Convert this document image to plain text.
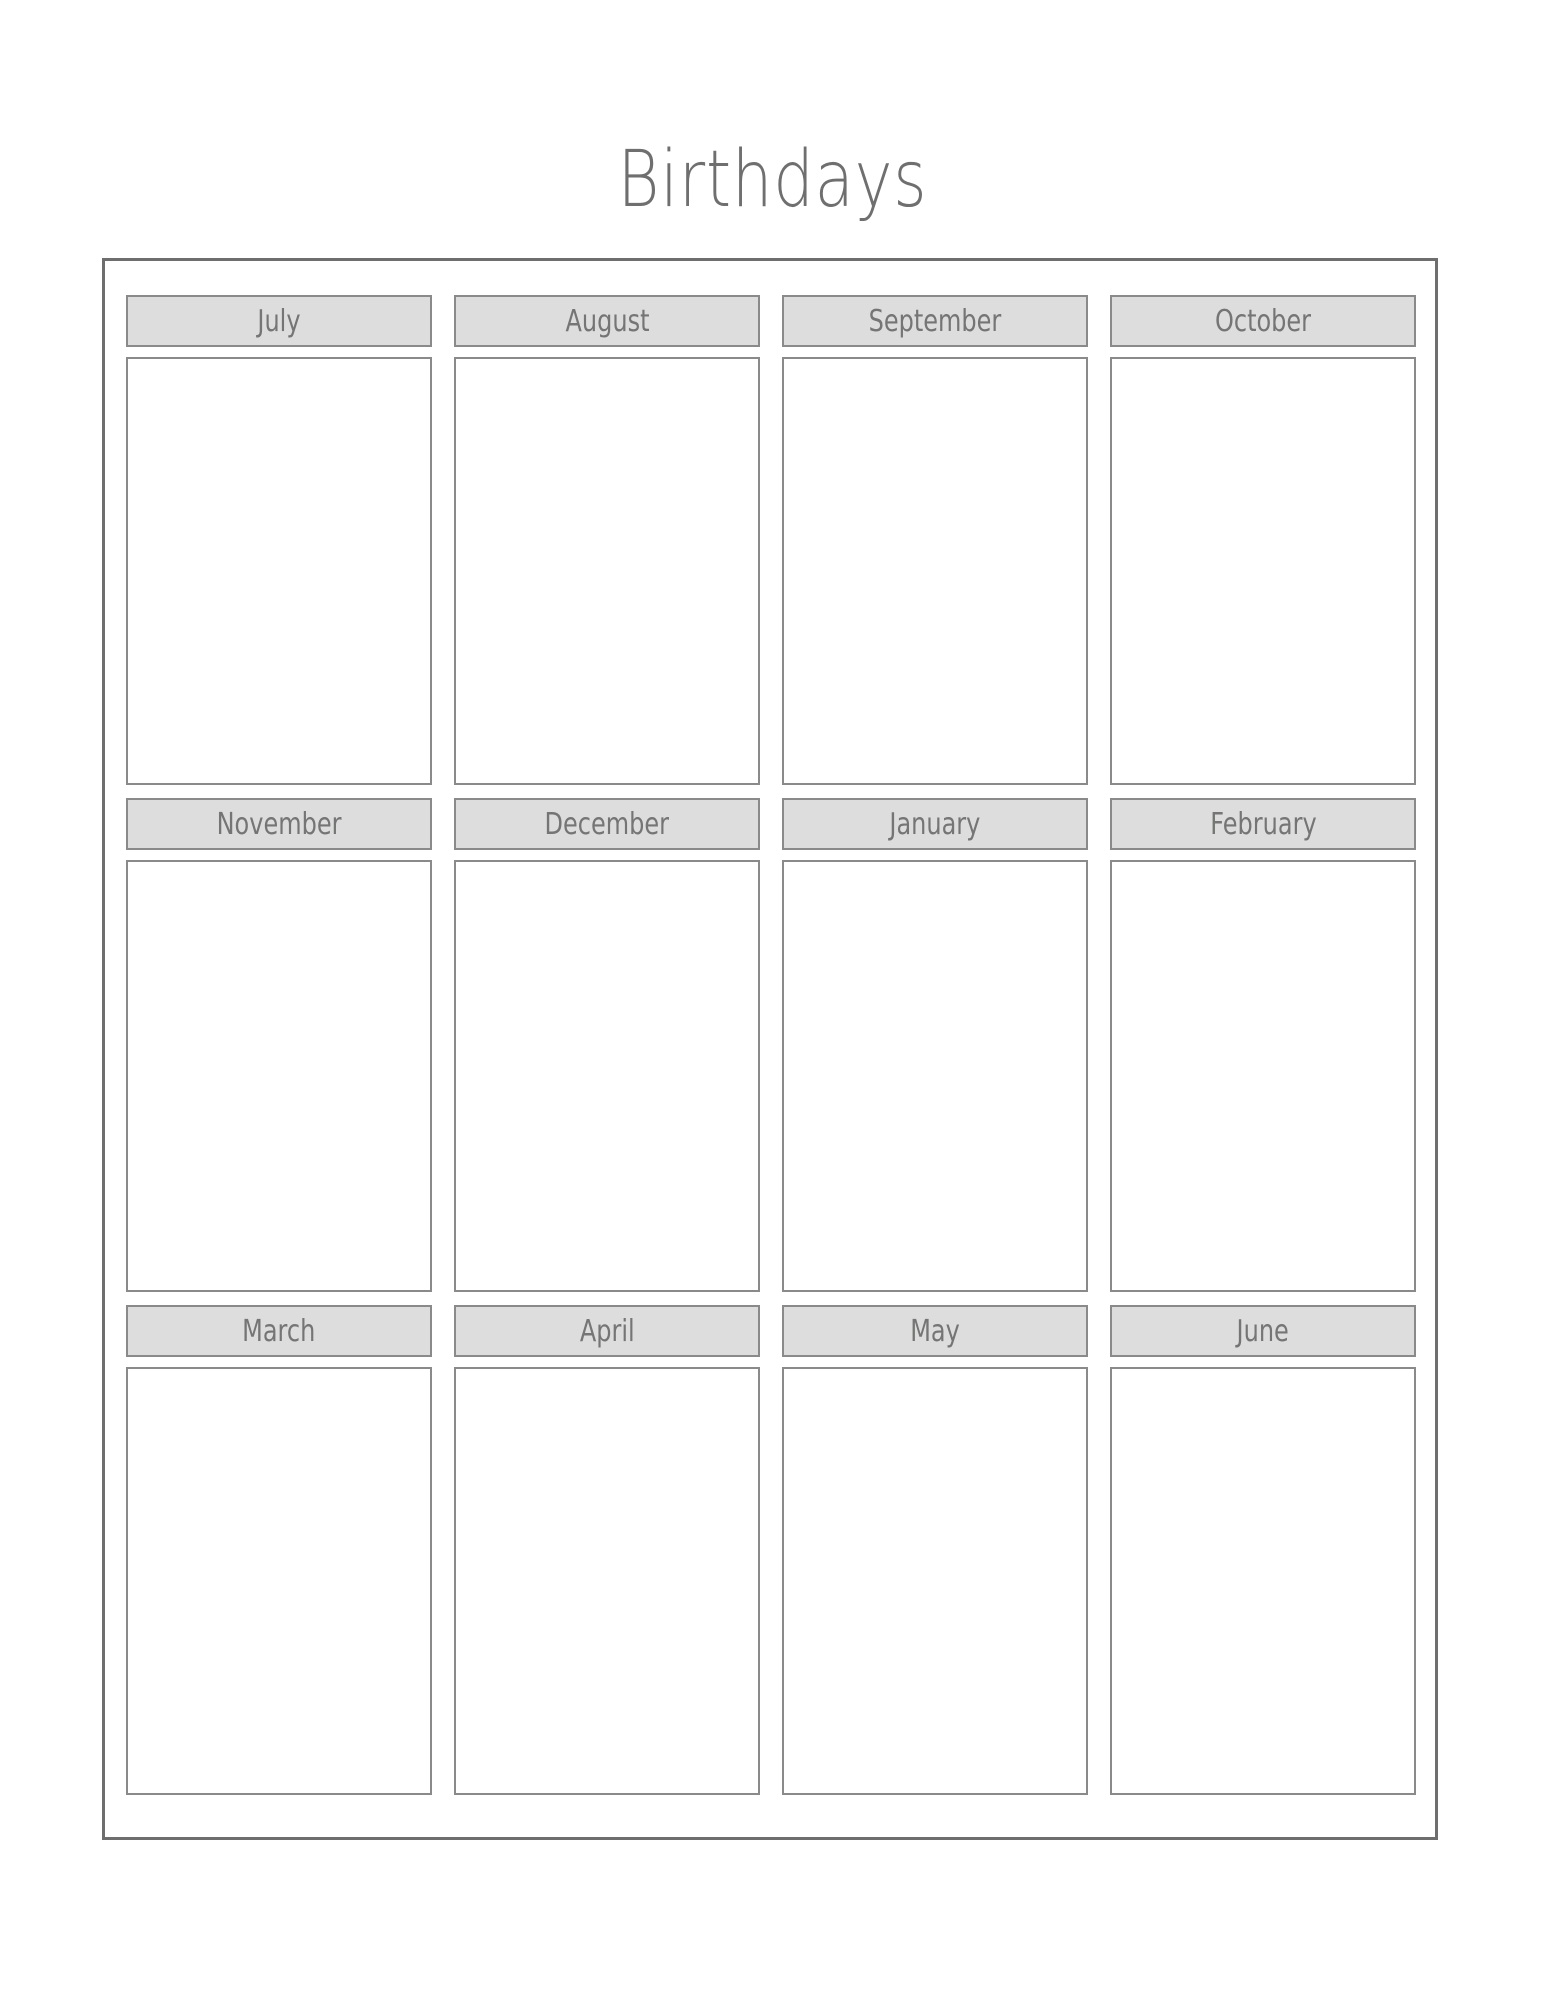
Birthdays
July	August	September	October
November	December	January	February
March	April	May	June
